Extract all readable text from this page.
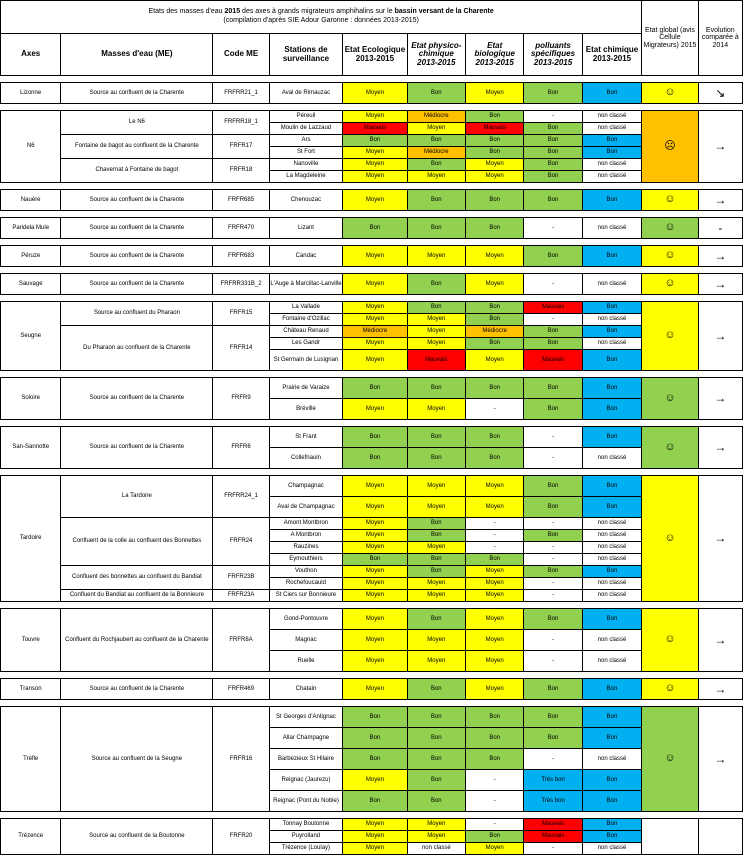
Etats des masses d'eau 2015 des axes à grands migrateurs amphihalins sur le bassin versant de la Charente
(compilation d'après SIE Adour Garonne : données 2013-2015)									Etat global (avis Cellule Migrateurs) 2015	Evolution comparée à 2014
Axes	Masses d'eau (ME)	Code ME	Stations de surveillance	Etat Ecologique 2013-2015	Etat physico-chimique 2013-2015	Etat biologique 2013-2015	polluants spécifiques 2013-2015	Etat chimique 2013-2015		

Lizonne	Source au confluent de la Charente	FRFRR21_1	Aval de Rimauzac	Moyen	Bon	Moyen	Bon	Bon	☺	↘

N6	Le N6	FRFRR18_1	Péreuil	Moyen	Médiocre	Bon	-	non classé	☹	→
			Moulin de Lazzaud	Mauvais	Moyen	Mauvais	Bon	non classé		
	Fontaine de bagot au confluent de la Charente	FRFR17	Ars	Bon	Bon	Bon	Bon	Bon		
			St Fort	Moyen	Médiocre	Bon	Bon	Bon		
	Chavernat à Fontaine de bagot	FRFR18	Nanoville	Moyen	Bon	Moyen	Bon	non classé		
			La Magdeleine	Moyen	Moyen	Moyen	Bon	non classé		

Nauère	Source au confluent de la Charente	FRFR685	Chenouzac	Moyen	Bon	Bon	Bon	Bon	☺	→

Paridela Mule	Source au confluent de la Charente	FRFR470	Lizant	Bon	Bon	Bon	-	non classé	☺	-

Péruze	Source au confluent de la Charente	FRFR683	Candac	Moyen	Moyen	Moyen	Bon	Bon	☺	→

Sauvage	Source au confluent de la Charente	FRFRR331B_2	L'Auge à Marcillac-Lanville	Moyen	Bon	Moyen	-	non classé	☺	→

Seugne	Source au confluent du Pharaon	FRFR15	La Vallade	Moyen	Bon	Bon	Mauvais	Bon	☺	→
			Fontaine d'Ozillac	Moyen	Moyen	Bon	-	non classé		
	Du Pharaon au confluent de la Charente	FRFR14	Château Renaud	Médiocre	Moyen	Médiocre	Bon	Bon		
			Les Gandr	Moyen	Moyen	Bon	Bon	non classé		
			St Germain de Lusignan	Moyen	Mauvais	Moyen	Mauvais	Bon		

Soloire	Source au confluent de la Charente	FRFR9	Prairie de Varaize	Bon	Bon	Bon	Bon	Bon	☺	→
			Bréville	Moyen	Moyen	-	Bon	Bon		

San-Sannotte	Source au confluent de la Charente	FRFR6	St Frant	Bon	Bon	Bon	-	Bon	☺	→
			Collefriauin	Bon	Bon	Bon	-	non classé		

Tardoire	La Tardoire	FRFRR24_1	Champagnac	Moyen	Moyen	Moyen	Bon	Bon	☺	→
			Aval de Champagnac	Moyen	Moyen	Moyen	Bon	Bon		
	Confluent de la colle au confluent des Bonnettes	FRFR24	Amont Montbron	Moyen	Bon	-	-	non classé		
			A Montbron	Moyen	Bon	-	Bon	non classé		
			Rauzines	Moyen	Moyen	-	-	non classé		
			Eymouthiers	Bon	Bon	Bon	-	non classé		
	Confluent des bonnettes au confluent du Bandiat	FRFR23B	Vouthon	Moyen	Bon	Moyen	Bon	Bon		
			Rochefoucauld	Moyen	Moyen	Moyen	-	non classé		
	Confluent du Bandiat au confluent de la Bonnieure	FRFR23A	St Ciers sur Bonnieure	Moyen	Moyen	Moyen	-	non classé		

Touvre	Confluent du Rochjaubert au confluent de la Charente	FRFR8A	Gond-Pontouvre	Moyen	Bon	Moyen	Bon	Bon	☺	→
			Magnac	Moyen	Moyen	Moyen	-	non classé		
			Ruelle	Moyen	Moyen	Moyen	-	non classé		

Transon	Source au confluent de la Charente	FRFR469	Chatain	Moyen	Bon	Moyen	Bon	Bon	☺	→

Trèfle	Source au confluent de la Seugne	FRFR16	St Georges d'Antignac	Bon	Bon	Bon	Bon	Bon	☺	→
			Allar Champagne	Bon	Bon	Bon	Bon	Bon		
			Barbezieux St Hilaire	Bon	Bon	Bon	-	non classé		
			Reignac (Jaurezu)	Moyen	Bon	-	Très bon	Bon		
			Reignac (Pont du Noble)	Bon	Bon	-	Très bon	Bon		

Trézence	Source au confluent de la Boutonne	FRFR20	Tonnay Boutonne	Moyen	Moyen	-	Mauvais	Bon		
			Puyrolland	Moyen	Moyen	Bon	Mauvais	Bon		
			Trézence (Loulay)	Moyen	non classé	Moyen	-	non classé		
